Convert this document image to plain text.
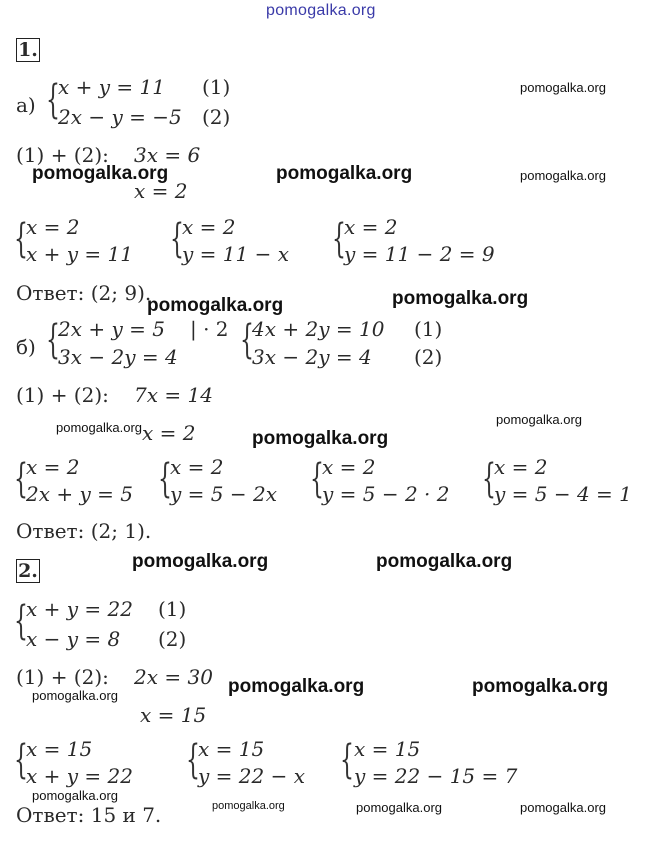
pomogalka.org
1.
а) {
x + y = 11 (1)
2x − y = −5 (2)
pomogalka.org
(1) + (2): 3x = 6
x = 2
pomogalka.org	pomogalka.org	pomogalka.org
{
x = 2
x + y = 11 {
x = 2
y = 11 − x {
x = 2
y = 11 − 2 = 9
Ответ: (2; 9).
pomogalka.org	pomogalka.org
б) {
2x + y = 5 | · 2
3x − 2y = 4 {
4x + 2y = 10 (1)
3x − 2y = 4 (2)
(1) + (2): 7x = 14
x = 2
pomogalka.org
pomogalka.org
pomogalka.org
{
x = 2
2x + y = 5 {
x = 2
y = 5 − 2x {
x = 2
y = 5 − 2 · 2 {
x = 2
y = 5 − 4 = 1
Ответ: (2; 1).
2.	pomogalka.org	pomogalka.org
{
x + y = 22 (1)
x − y = 8 (2)
(1) + (2): 2x = 30
x = 15
pomogalka.org	pomogalka.org	pomogalka.org
{
x = 15
x + y = 22 {
x = 15
y = 22 − x { x = 15
y = 22 − 15 = 7
pomogalka.org
Ответ: 15 и 7.	pomogalka.org	pomogalka.org	pomogalka.org
